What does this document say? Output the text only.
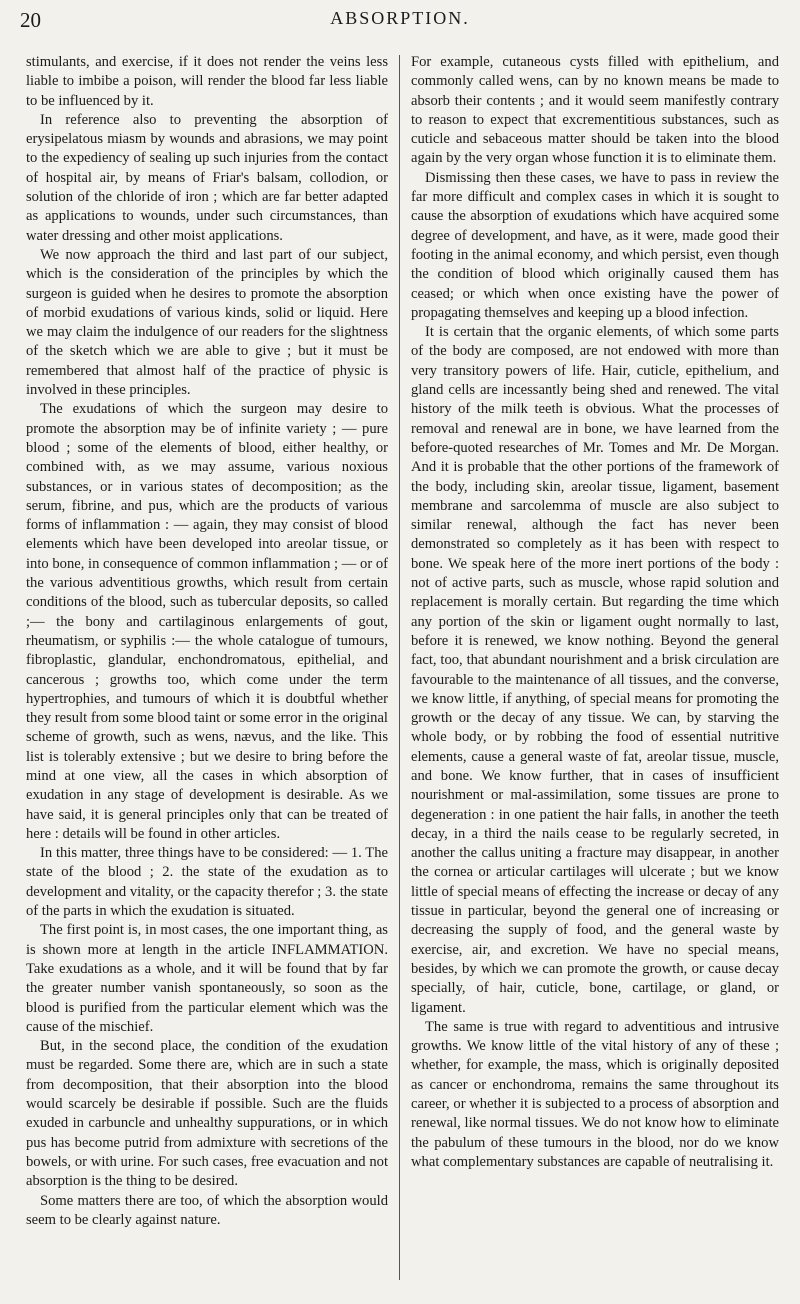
20	ABSORPTION.

stimulants, and exercise, if it does not render the veins less liable to imbibe a poison, will render the blood far less liable to be influenced by it.

In reference also to preventing the absorption of erysipelatous miasm by wounds and abrasions, we may point to the expediency of sealing up such injuries from the contact of hospital air, by means of Friar's balsam, collodion, or solution of the chloride of iron ; which are far better adapted as applications to wounds, under such circumstances, than water dressing and other moist applications.

We now approach the third and last part of our subject, which is the consideration of the principles by which the surgeon is guided when he desires to promote the absorption of morbid exudations of various kinds, solid or liquid. Here we may claim the indulgence of our readers for the slightness of the sketch which we are able to give ; but it must be remembered that almost half of the practice of physic is involved in these principles.

The exudations of which the surgeon may desire to promote the absorption may be of infinite variety ; — pure blood ; some of the elements of blood, either healthy, or combined with, as we may assume, various noxious substances, or in various states of decomposition; as the serum, fibrine, and pus, which are the products of various forms of inflammation : — again, they may consist of blood elements which have been developed into areolar tissue, or into bone, in consequence of common inflammation ; — or of the various adventitious growths, which result from certain conditions of the blood, such as tubercular deposits, so called ;— the bony and cartilaginous enlargements of gout, rheumatism, or syphilis :— the whole catalogue of tumours, fibroplastic, glandular, enchondromatous, epithelial, and cancerous ; growths too, which come under the term hypertrophies, and tumours of which it is doubtful whether they result from some blood taint or some error in the original scheme of growth, such as wens, nævus, and the like. This list is tolerably extensive ; but we desire to bring before the mind at one view, all the cases in which absorption of exudation in any stage of development is desirable. As we have said, it is general principles only that can be treated of here : details will be found in other articles.

In this matter, three things have to be considered: — 1. The state of the blood ; 2. the state of the exudation as to development and vitality, or the capacity therefor ; 3. the state of the parts in which the exudation is situated.

The first point is, in most cases, the one important thing, as is shown more at length in the article INFLAMMATION. Take exudations as a whole, and it will be found that by far the greater number vanish spontaneously, so soon as the blood is purified from the particular element which was the cause of the mischief.

But, in the second place, the condition of the exudation must be regarded. Some there are, which are in such a state from decomposition, that their absorption into the blood would scarcely be desirable if possible. Such are the fluids exuded in carbuncle and unhealthy suppurations, or in which pus has become putrid from admixture with secretions of the bowels, or with urine. For such cases, free evacuation and not absorption is the thing to be desired.

Some matters there are too, of which the absorption would seem to be clearly against nature.

For example, cutaneous cysts filled with epithelium, and commonly called wens, can by no known means be made to absorb their contents ; and it would seem manifestly contrary to reason to expect that excrementitious substances, such as cuticle and sebaceous matter should be taken into the blood again by the very organ whose function it is to eliminate them.

Dismissing then these cases, we have to pass in review the far more difficult and complex cases in which it is sought to cause the absorption of exudations which have acquired some degree of development, and have, as it were, made good their footing in the animal economy, and which persist, even though the condition of blood which originally caused them has ceased; or which when once existing have the power of propagating themselves and keeping up a blood infection.

It is certain that the organic elements, of which some parts of the body are composed, are not endowed with more than very transitory powers of life. Hair, cuticle, epithelium, and gland cells are incessantly being shed and renewed. The vital history of the milk teeth is obvious. What the processes of removal and renewal are in bone, we have learned from the before-quoted researches of Mr. Tomes and Mr. De Morgan. And it is probable that the other portions of the framework of the body, including skin, areolar tissue, ligament, basement membrane and sarcolemma of muscle are also subject to similar renewal, although the fact has never been demonstrated so completely as it has been with respect to bone. We speak here of the more inert portions of the body : not of active parts, such as muscle, whose rapid solution and replacement is morally certain. But regarding the time which any portion of the skin or ligament ought normally to last, before it is renewed, we know nothing. Beyond the general fact, too, that abundant nourishment and a brisk circulation are favourable to the maintenance of all tissues, and the converse, we know little, if anything, of special means for promoting the growth or the decay of any tissue. We can, by starving the whole body, or by robbing the food of essential nutritive elements, cause a general waste of fat, areolar tissue, muscle, and bone. We know further, that in cases of insufficient nourishment or mal-assimilation, some tissues are prone to degeneration : in one patient the hair falls, in another the teeth decay, in a third the nails cease to be regularly secreted, in another the callus uniting a fracture may disappear, in another the cornea or articular cartilages will ulcerate ; but we know little of special means of effecting the increase or decay of any tissue in particular, beyond the general one of increasing or decreasing the supply of food, and the general waste by exercise, air, and excretion. We have no special means, besides, by which we can promote the growth, or cause decay specially, of hair, cuticle, bone, cartilage, or gland, or ligament.

The same is true with regard to adventitious and intrusive growths. We know little of the vital history of any of these ; whether, for example, the mass, which is originally deposited as cancer or enchondroma, remains the same throughout its career, or whether it is subjected to a process of absorption and renewal, like normal tissues. We do not know how to eliminate the pabulum of these tumours in the blood, nor do we know what complementary substances are capable of neutralising it.
